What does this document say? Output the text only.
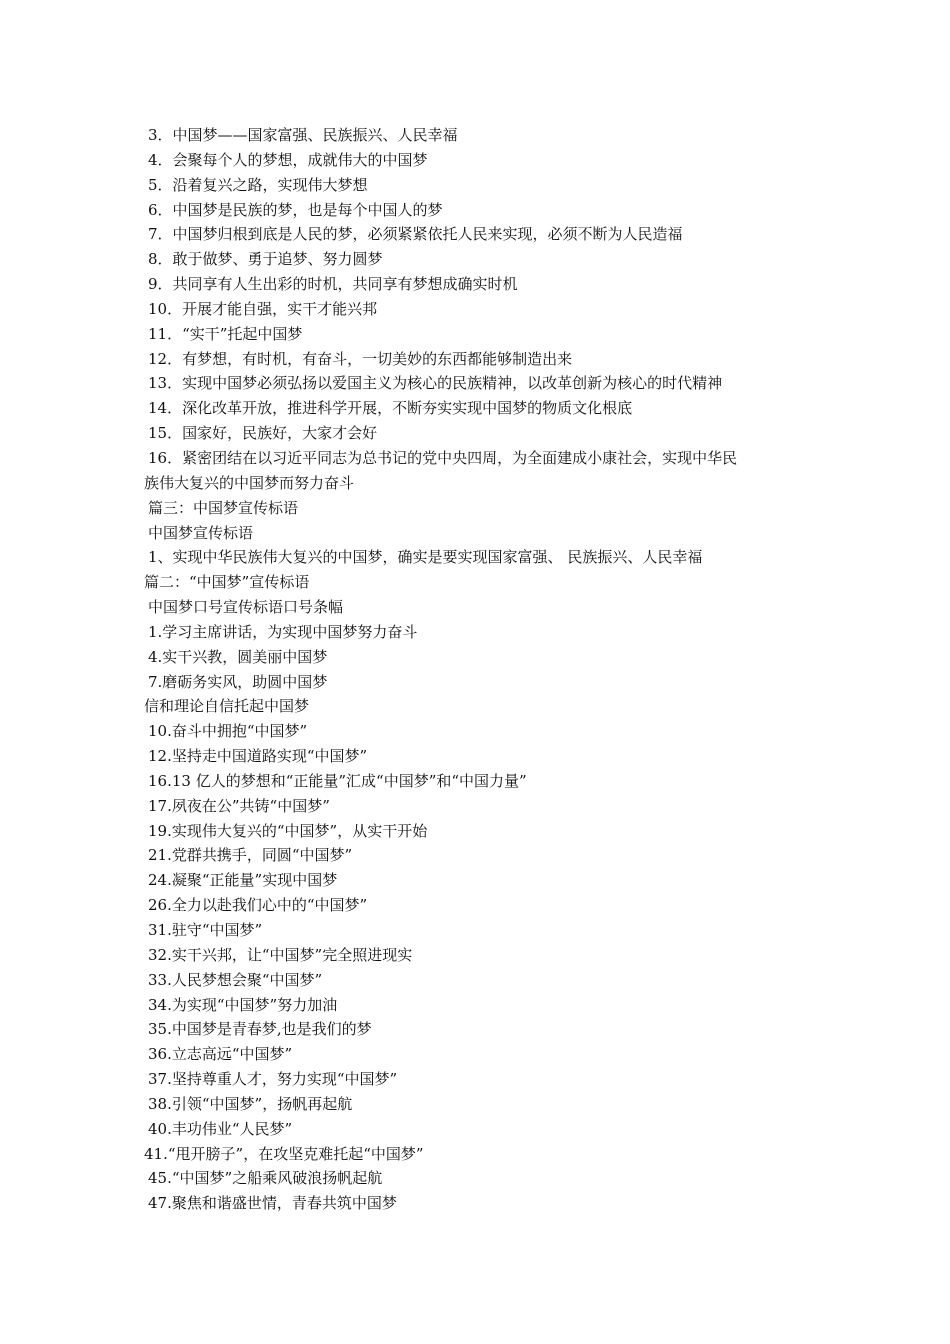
3．中国梦——国家富强、民族振兴、人民幸福
4．会聚每个人的梦想，成就伟大的中国梦
5．沿着复兴之路，实现伟大梦想
6．中国梦是民族的梦，也是每个中国人的梦
7．中国梦归根到底是人民的梦，必须紧紧依托人民来实现，必须不断为人民造福
8．敢于做梦、勇于追梦、努力圆梦
9．共同享有人生出彩的时机，共同享有梦想成确实时机
10．开展才能自强，实干才能兴邦
11．“实干”托起中国梦
12．有梦想，有时机，有奋斗，一切美妙的东西都能够制造出来
13．实现中国梦必须弘扬以爱国主义为核心的民族精神，以改革创新为核心的时代精神
14．深化改革开放，推进科学开展，不断夯实实现中国梦的物质文化根底
15．国家好，民族好，大家才会好
16．紧密团结在以习近平同志为总书记的党中央四周，为全面建成小康社会，实现中华民
族伟大复兴的中国梦而努力奋斗
篇三：中国梦宣传标语
中国梦宣传标语
1、实现中华民族伟大复兴的中国梦，确实是要实现国家富强、 民族振兴、人民幸福
篇二：“中国梦”宣传标语
中国梦口号宣传标语口号条幅
1.学习主席讲话，为实现中国梦努力奋斗
4.实干兴教，圆美丽中国梦
7.磨砺务实风，助圆中国梦
信和理论自信托起中国梦
10.奋斗中拥抱“中国梦”
12.坚持走中国道路实现“中国梦”
16.13 亿人的梦想和“正能量”汇成“中国梦”和“中国力量”
17.夙夜在公”共铸“中国梦”
19.实现伟大复兴的“中国梦”，从实干开始
21.党群共携手，同圆“中国梦”
24.凝聚“正能量”实现中国梦
26.全力以赴我们心中的“中国梦”
31.驻守“中国梦”
32.实干兴邦，让“中国梦”完全照进现实
33.人民梦想会聚“中国梦”
34.为实现“中国梦”努力加油
35.中国梦是青春梦,也是我们的梦
36.立志高远“中国梦”
37.坚持尊重人才，努力实现“中国梦”
38.引领“中国梦”，扬帆再起航
40.丰功伟业“人民梦”
41.“甩开膀子”，在攻坚克难托起“中国梦”
45.“中国梦”之船乘风破浪扬帆起航
47.聚焦和谐盛世情，青春共筑中国梦
